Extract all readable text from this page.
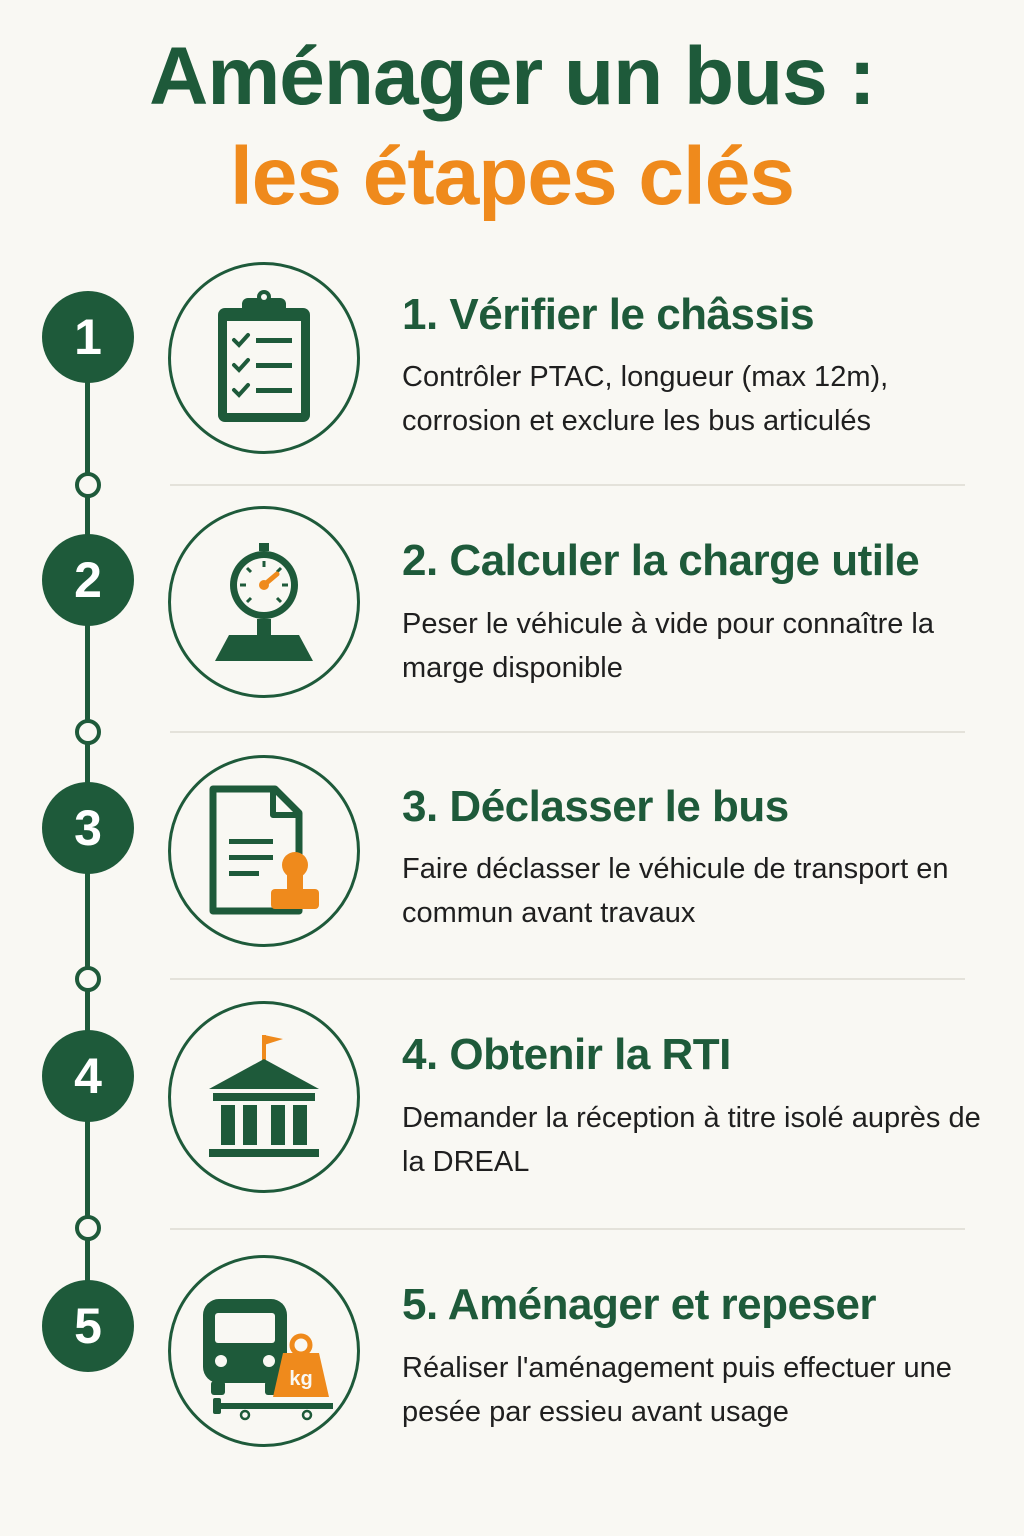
Aménager un bus :
les étapes clés
1	1. Vérifier le châssis

Contrôler PTAC, longueur (max 12m), corrosion et exclure les bus articulés

2	2. Calculer la charge utile

Peser le véhicule à vide pour connaître la marge disponible

3	3. Déclasser le bus

Faire déclasser le véhicule de transport en commun avant travaux

4	4. Obtenir la RTI

Demander la réception à titre isolé auprès de la DREAL

5
kg
5. Aménager et repeser

Réaliser l'aménagement puis effectuer une pesée par essieu avant usage
